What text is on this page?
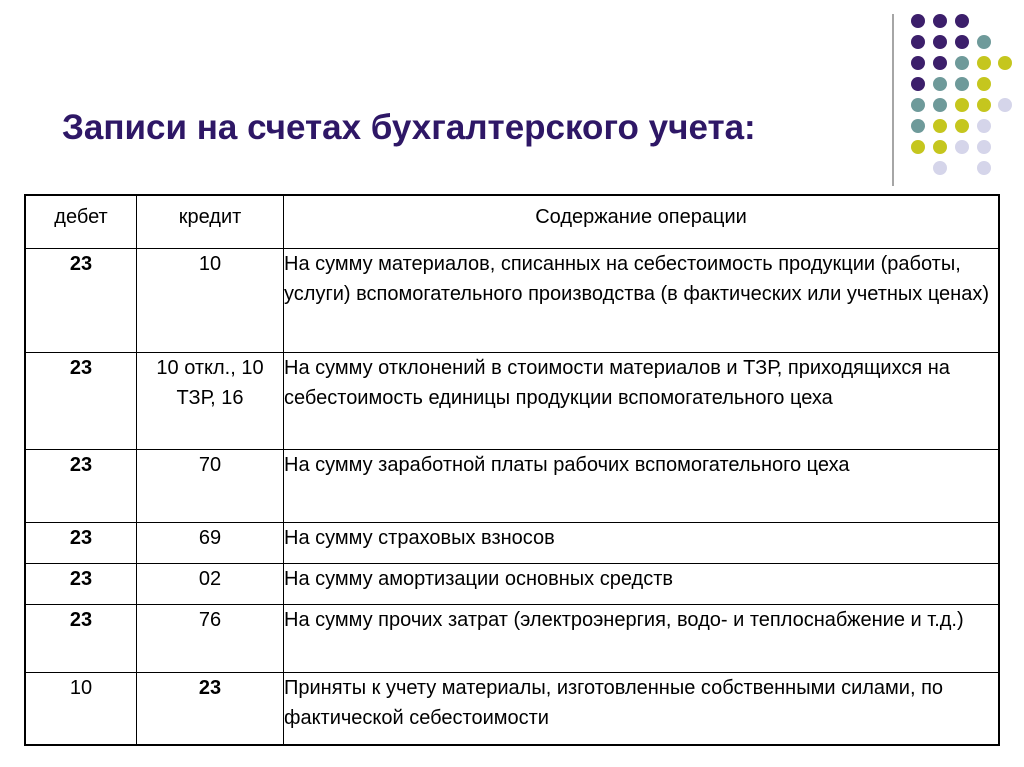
Записи на счетах бухгалтерского учета:
дебет	кредит	Содержание операции
23	10	На сумму материалов, списанных на себестоимость продукции (работы, услуги) вспомогательного производства (в фактических или учетных ценах)
23	10 откл., 10 ТЗР, 16	На сумму отклонений в стоимости материалов и ТЗР, приходящихся на себестоимость единицы продукции вспомогательного цеха
23	70	На сумму заработной платы рабочих вспомогательного цеха
23	69	На сумму страховых взносов
23	02	На сумму амортизации основных средств
23	76	На сумму прочих затрат (электроэнергия, водо- и теплоснабжение и т.д.)
10	23	Приняты к учету материалы, изготовленные собственными силами, по фактической себестоимости
